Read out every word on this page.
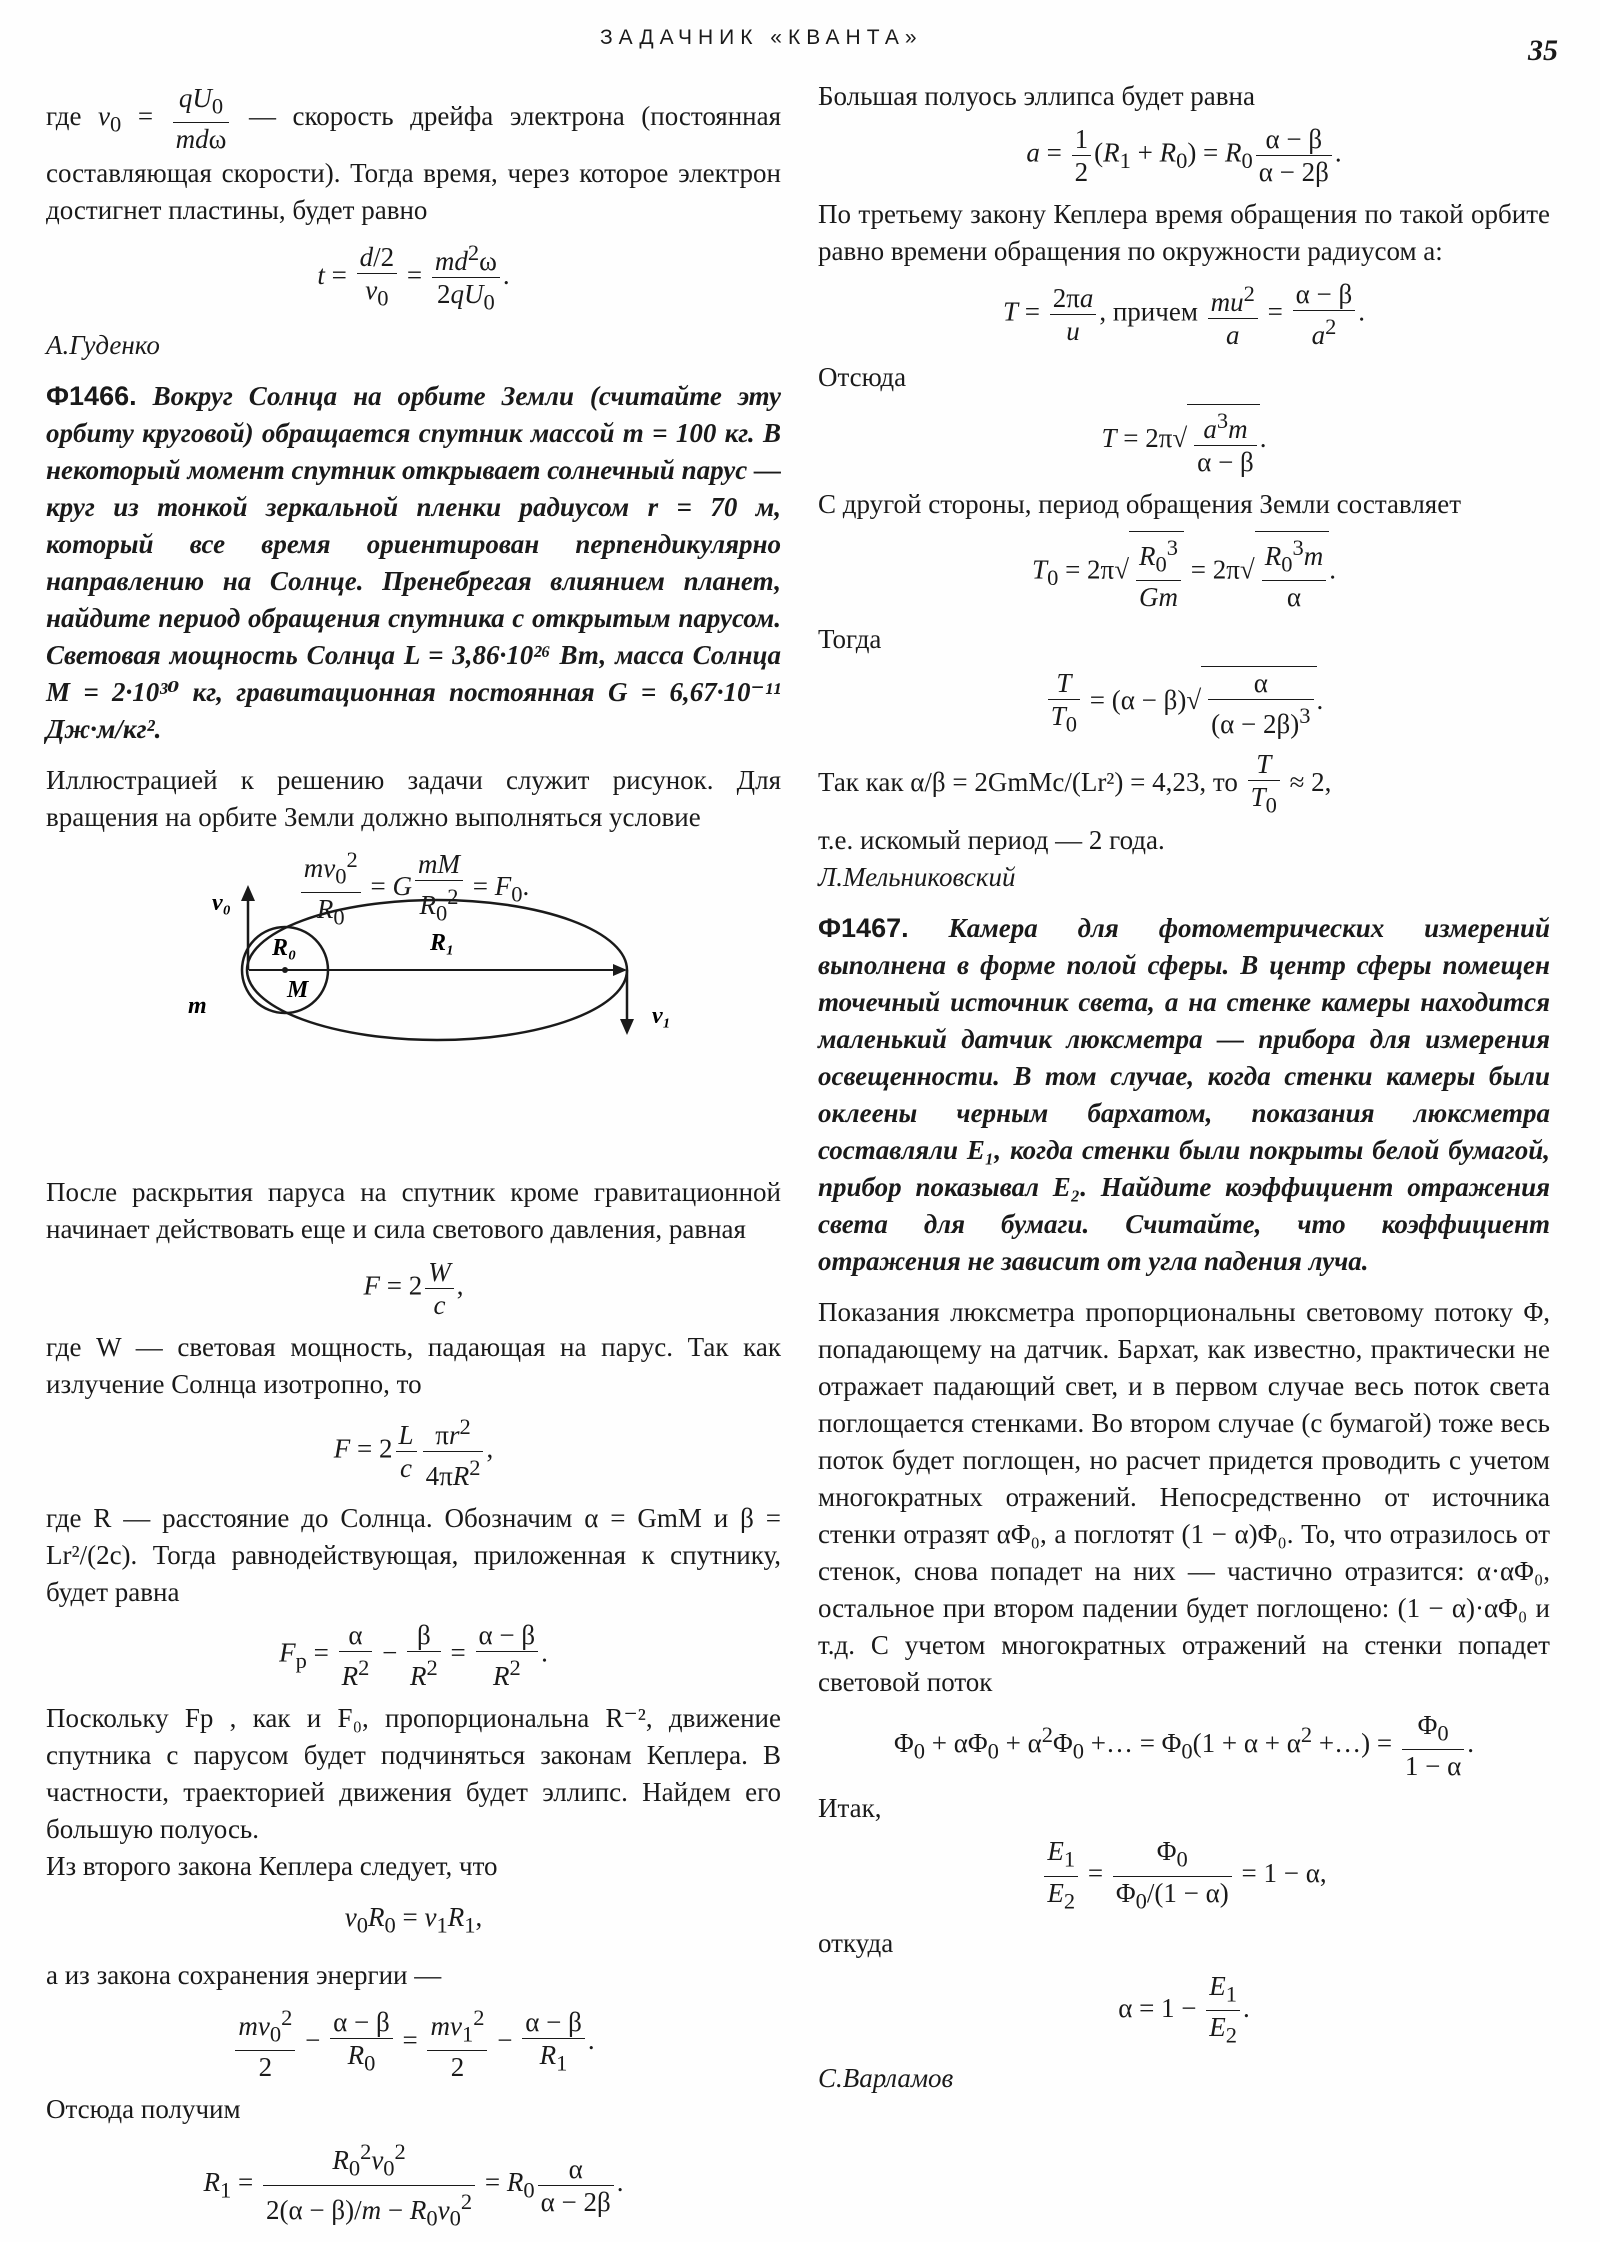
ЗАДАЧНИК «КВАНТА»	35

где $v_0 = \frac{qU_0}{\text{mdω}}$ — скорость дрейфа электрона (постоянная составляющая скорости). Тогда время, через которое электрон достигнет пластины, будет равно

$t = \frac{d/2}{v_0} = \frac{md^2\omega}{2qU_0}$ .

А.Гуденко

Ф1466. Вокруг Солнца на орбите Земли (считайте эту орбиту круговой) обращается спутник массой m = 100 кг. В некоторый момент спутник открывает солнечный парус — круг из тонкой зеркальной пленки радиусом r = 70 м, который все время ориентирован перпендикулярно направлению на Солнце. Пренебрегая влиянием планет, найдите период обращения спутника с открытым парусом. Световая мощность Солнца L = 3,86·10²⁶ Вт, масса Солнца M = 2·10³⁰ кг, гравитационная постоянная G = 6,67·10⁻¹¹ Дж·м/кг².

Иллюстрацией к решению задачи служит рисунок. Для вращения на орбите Земли должно выполняться условие

$\frac{mv_0^2}{R_0} = G \frac{mM}{R_0^2} = F_0$.

После раскрытия паруса на спутник кроме гравитационной начинает действовать еще и сила светового давления, равная

$F = 2 \frac{W}{c}$ ,

где W — световая мощность, падающая на парус. Так как излучение Солнца изотропно, то

$F = 2 \frac{L}{c} \frac{\pi r^2}{4\pi R^2}$ ,

где R — расстояние до Солнца. Обозначим α = GmM и β = Lr²/(2c). Тогда равнодействующая, приложенная к спутнику, будет равна

$F_р = \frac{\alpha}{R^2} - \frac{\beta}{R^2} = \frac{\alpha - \beta}{R^2}$ .

Поскольку Fр , как и F₀, пропорциональна R⁻², движение спутника с парусом будет подчиняться законам Кеплера. В частности, траекторией движения будет эллипс. Найдем его большую полуось.

Из второго закона Кеплера следует, что

$v_0R_0 = v_1R_1$,

а из закона сохранения энергии —

$\frac{mv_0^2}{2} - \frac{\alpha - \beta}{R_0} = \frac{mv_1^2}{2} - \frac{\alpha - \beta}{R_1}$ .

Отсюда получим

$R_1 = \frac{R_0^2v_0^2}{2(\alpha - \beta)/m - R_0v_0^2} = R_0 \frac{\alpha}{\alpha - 2\beta}$ .
v₀
R₀	R₁
M
m	v₁

Большая полуось эллипса будет равна

$a = \frac{1}{2} (R_1 + R_0) = R_0 \frac{\alpha - \beta}{\alpha - 2\beta}$ .

По третьему закону Кеплера время обращения по такой орбите равно времени обращения по окружности радиусом a:

$T = \frac{2\pi a}{u}$ , причем $\frac{mu^2}{a} = \frac{\alpha - \beta}{a^2}$ .

Отсюда

$T = 2\pi√ \frac{a^3m}{\alpha - \beta}$ .

С другой стороны, период обращения Земли составляет

$T_0 = 2\pi√ \frac{R_0^3}{Gm} = 2\pi√ \frac{R_0^3m}{\alpha}$ .

Тогда

$\frac{T}{T_0} = (\alpha - \beta)√ \frac{\alpha}{(\alpha - 2\beta)^3}$ .

Так как α/β = 2GmMc/(Lr²) = 4,23, то $\frac{T}{T_0} \approx 2$,

т.е. искомый период — 2 года.

Л.Мельниковский

Ф1467. Камера для фотометрических измерений выполнена в форме полой сферы. В центр сферы помещен точечный источник света, а на стенке камеры находится маленький датчик люксметра — прибора для измерения освещенности. В том случае, когда стенки камеры были оклеены черным бархатом, показания люксметра составляли E₁, когда стенки были покрыты белой бумагой, прибор показывал E₂. Найдите коэффициент отражения света для бумаги. Считайте, что коэффициент отражения не зависит от угла падения луча.

Показания люксметра пропорциональны световому потоку Φ, попадающему на датчик. Бархат, как известно, практически не отражает падающий свет, и в первом случае весь поток света поглощается стенками. Во втором случае (с бумагой) тоже весь поток будет поглощен, но расчет придется проводить с учетом многократных отражений. Непосредственно от источника стенки отразят αΦ₀, а поглотят (1 − α)Φ₀. То, что отразилось от стенок, снова попадет на них — частично отразится: α·αΦ₀, остальное при втором падении будет поглощено: (1 − α)·αΦ₀ и т.д. С учетом многократных отражений на стенки попадет световой поток

$\Phi_0 + \alpha\Phi_0 + \alpha^2\Phi_0$ +… = $\Phi_0(1 + \alpha + \alpha^2$ +…) = $\frac{\Phi_0}{1 - \alpha}$ .

Итак,

$\frac{E_1}{E_2} = \frac{\Phi_0}{\Phi_0/(1 - \alpha)} = 1 - \alpha$,

откуда

$\alpha = 1 - \frac{E_1}{E_2}$ .

С.Варламов
